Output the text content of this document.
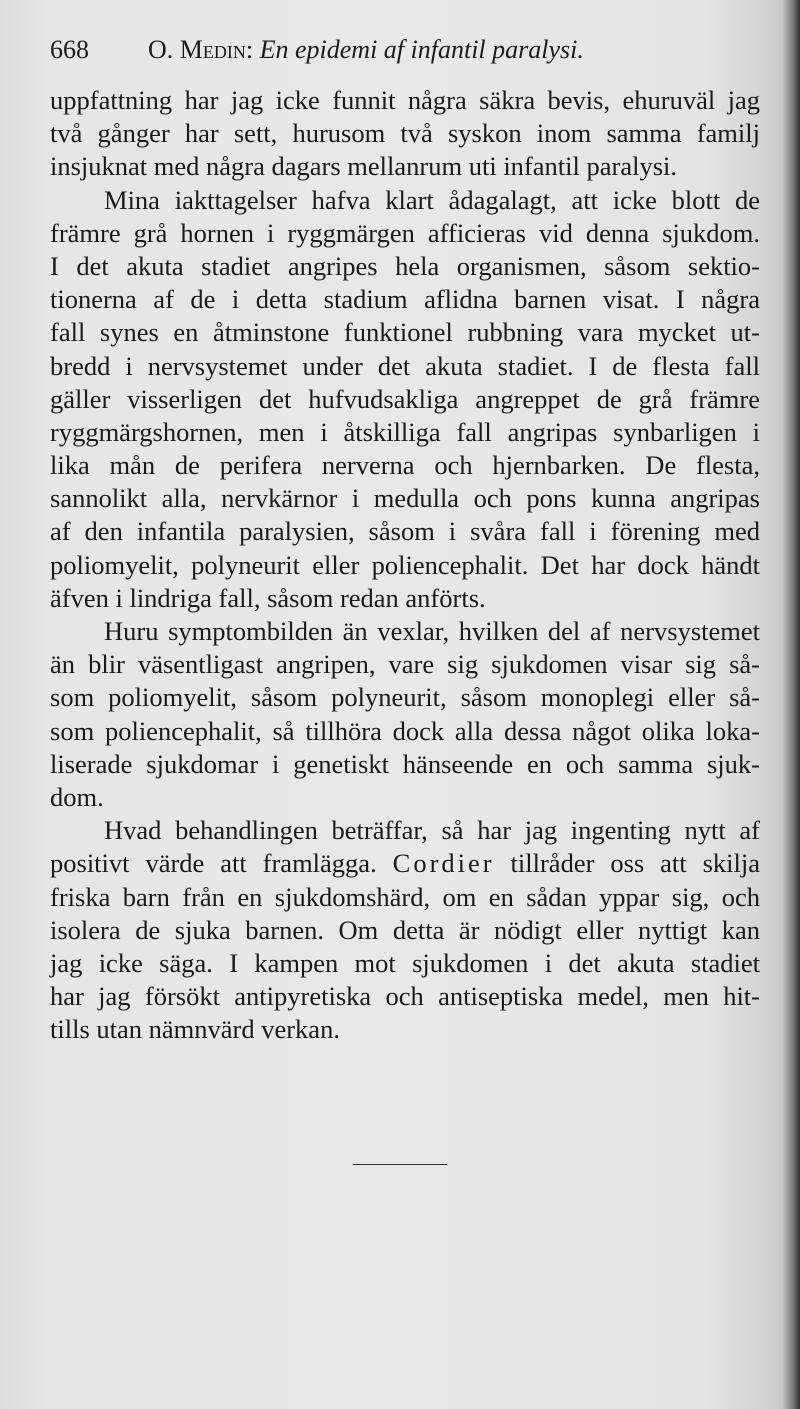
668 O. Medin: En epidemi af infantil paralysi.
uppfattning har jag icke funnit några säkra bevis, ehuruväl jag
två gånger har sett, hurusom två syskon inom samma familj
insjuknat med några dagars mellanrum uti infantil paralysi.
Mina iakttagelser hafva klart ådagalagt, att icke blott de
främre grå hornen i ryggmärgen afficieras vid denna sjukdom.
I det akuta stadiet angripes hela organismen, såsom sektio-
tionerna af de i detta stadium aflidna barnen visat. I några
fall synes en åtminstone funktionel rubbning vara mycket ut-
bredd i nervsystemet under det akuta stadiet. I de flesta fall
gäller visserligen det hufvudsakliga angreppet de grå främre
ryggmärgshornen, men i åtskilliga fall angripas synbarligen i
lika mån de perifera nerverna och hjernbarken. De flesta,
sannolikt alla, nervkärnor i medulla och pons kunna angripas
af den infantila paralysien, såsom i svåra fall i förening med
poliomyelit, polyneurit eller poliencephalit. Det har dock händt
äfven i lindriga fall, såsom redan anförts.
Huru symptombilden än vexlar, hvilken del af nervsystemet
än blir väsentligast angripen, vare sig sjukdomen visar sig så-
som poliomyelit, såsom polyneurit, såsom monoplegi eller så-
som poliencephalit, så tillhöra dock alla dessa något olika loka-
liserade sjukdomar i genetiskt hänseende en och samma sjuk-
dom.
Hvad behandlingen beträffar, så har jag ingenting nytt af
positivt värde att framlägga. Cordier tillråder oss att skilja
friska barn från en sjukdomshärd, om en sådan yppar sig, och
isolera de sjuka barnen. Om detta är nödigt eller nyttigt kan
jag icke säga. I kampen mot sjukdomen i det akuta stadiet
har jag försökt antipyretiska och antiseptiska medel, men hit-
tills utan nämnvärd verkan.
